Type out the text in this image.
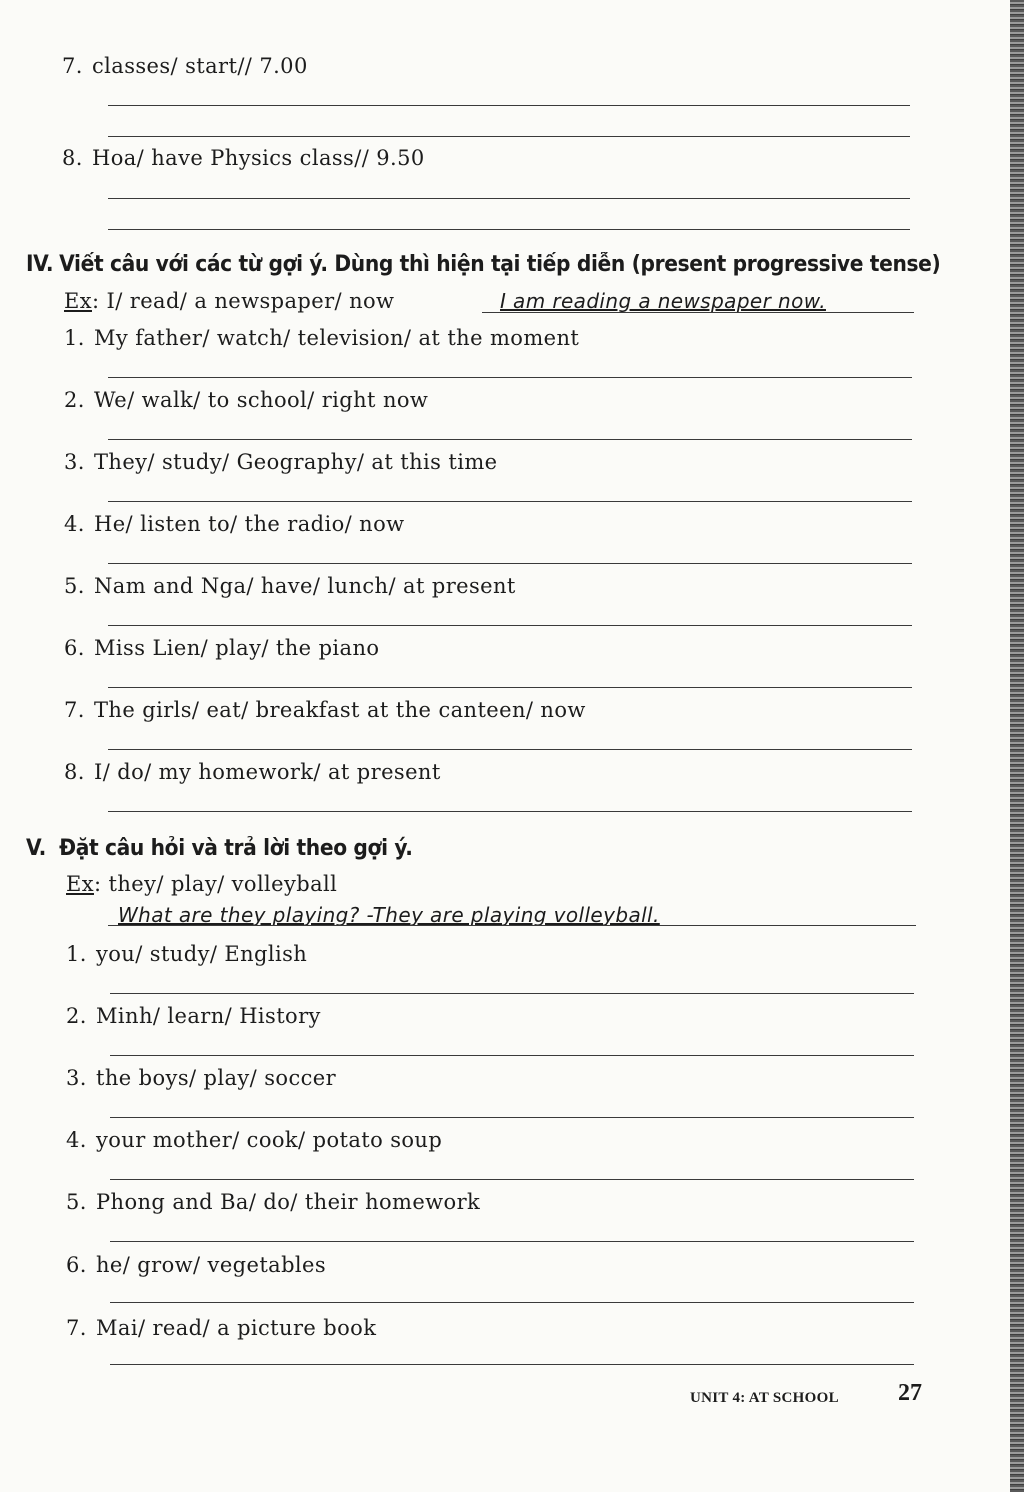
7. classes/ start// 7.00
8. Hoa/ have Physics class// 9.50
IV. Viết câu với các từ gợi ý. Dùng thì hiện tại tiếp diễn (present progressive tense)
Ex: I/ read/ a newspaper/ now	I am reading a newspaper now.
1. My father/ watch/ television/ at the moment
2. We/ walk/ to school/ right now
3. They/ study/ Geography/ at this time
4. He/ listen to/ the radio/ now
5. Nam and Nga/ have/ lunch/ at present
6. Miss Lien/ play/ the piano
7. The girls/ eat/ breakfast at the canteen/ now
8. I/ do/ my homework/ at present
V. Đặt câu hỏi và trả lời theo gợi ý.
Ex: they/ play/ volleyball
What are they playing? -They are playing volleyball.
1. you/ study/ English
2. Minh/ learn/ History
3. the boys/ play/ soccer
4. your mother/ cook/ potato soup
5. Phong and Ba/ do/ their homework
6. he/ grow/ vegetables
7. Mai/ read/ a picture book
UNIT 4: AT SCHOOL 27
